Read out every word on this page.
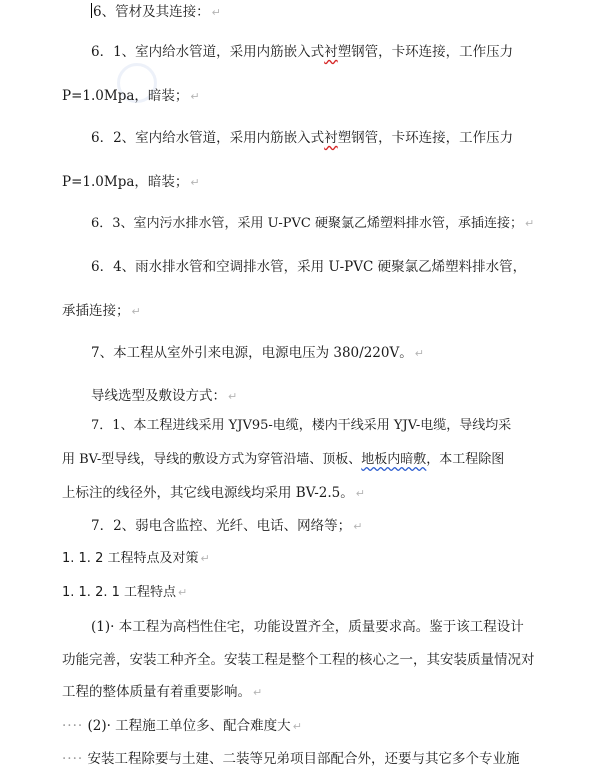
6、管材及其连接： ↵
6．1、室内给水管道，采用内筋嵌入式衬塑钢管，卡环连接，工作压力
P=1.0Mpa，暗装； ↵
6．2、室内给水管道，采用内筋嵌入式衬塑钢管，卡环连接，工作压力
P=1.0Mpa，暗装； ↵
6．3、室内污水排水管，采用 U-PVC 硬聚氯乙烯塑料排水管，承插连接； ↵
6．4、雨水排水管和空调排水管，采用 U-PVC 硬聚氯乙烯塑料排水管，
承插连接； ↵
7、本工程从室外引来电源，电源电压为 380/220V。 ↵
导线选型及敷设方式： ↵
7．1、本工程进线采用 YJV95-电缆，楼内干线采用 YJV-电缆，导线均采
用 BV-型导线，导线的敷设方式为穿管沿墙、顶板、地板内暗敷，本工程除图
上标注的线径外，其它线电源线均采用 BV-2.5。 ↵
7．2、弱电含监控、光纤、电话、网络等； ↵
1. 1. 2 工程特点及对策 ↵
1. 1. 2. 1 工程特点 ↵
(1)· 本工程为高档性住宅，功能设置齐全，质量要求高。鉴于该工程设计
功能完善，安装工种齐全。安装工程是整个工程的核心之一，其安装质量情况对
工程的整体质量有着重要影响。 ↵
···· (2)· 工程施工单位多、配合难度大 ↵
···· 安装工程除要与土建、二装等兄弟项目部配合外，还要与其它多个专业施
